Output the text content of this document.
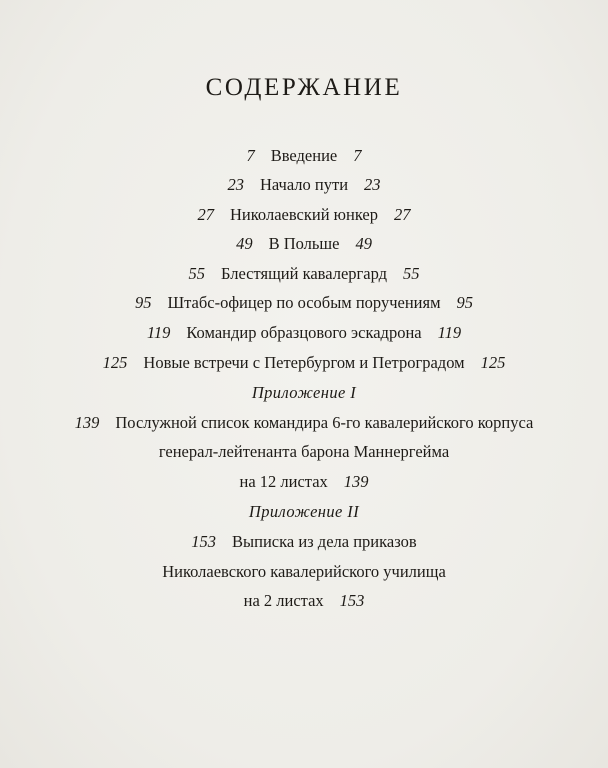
СОДЕРЖАНИЕ
7 Введение 7
23 Начало пути 23
27 Николаевский юнкер 27
49 В Польше 49
55 Блестящий кавалергард 55
95 Штабс-офицер по особым поручениям 95
119 Командир образцового эскадрона 119
125 Новые встречи с Петербургом и Петроградом 125
Приложение I
139 Послужной список командира 6-го кавалерийского корпуса
генерал-лейтенанта барона Маннергейма
на 12 листах 139
Приложение II
153 Выписка из дела приказов
Николаевского кавалерийского училища
на 2 листах 153
